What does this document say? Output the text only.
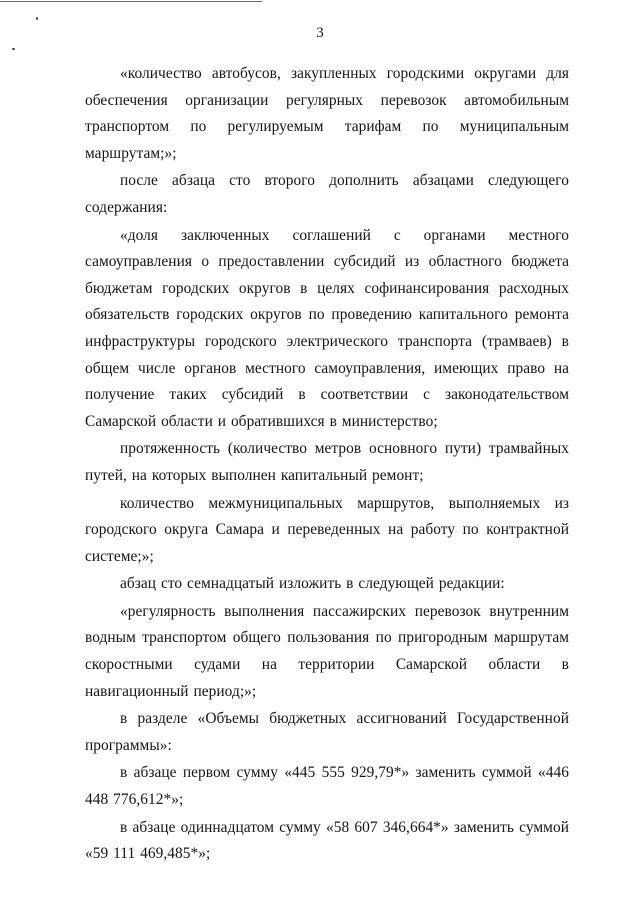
3

«количество автобусов, закупленных городскими округами для обеспечения организации регулярных перевозок автомобильным транспортом по регулируемым тарифам по муниципальным маршрутам;»;

после абзаца сто второго дополнить абзацами следующего содержания:

«доля заключенных соглашений с органами местного самоуправления о предоставлении субсидий из областного бюджета бюджетам городских округов в целях софинансирования расходных обязательств городских округов по проведению капитального ремонта инфраструктуры городского электрического транспорта (трамваев) в общем числе органов местного самоуправления, имеющих право на получение таких субсидий в соответствии с законодательством Самарской области и обратившихся в министерство;

протяженность (количество метров основного пути) трамвайных путей, на которых выполнен капитальный ремонт;

количество межмуниципальных маршрутов, выполняемых из городского округа Самара и переведенных на работу по контрактной системе;»;

абзац сто семнадцатый изложить в следующей редакции:

«регулярность выполнения пассажирских перевозок внутренним водным транспортом общего пользования по пригородным маршрутам скоростными судами на территории Самарской области в навигационный период;»;

в разделе «Объемы бюджетных ассигнований Государственной программы»:

в абзаце первом сумму «445 555 929,79*» заменить суммой «446 448 776,612*»;

в абзаце одиннадцатом сумму «58 607 346,664*» заменить суммой «59 111 469,485*»;
